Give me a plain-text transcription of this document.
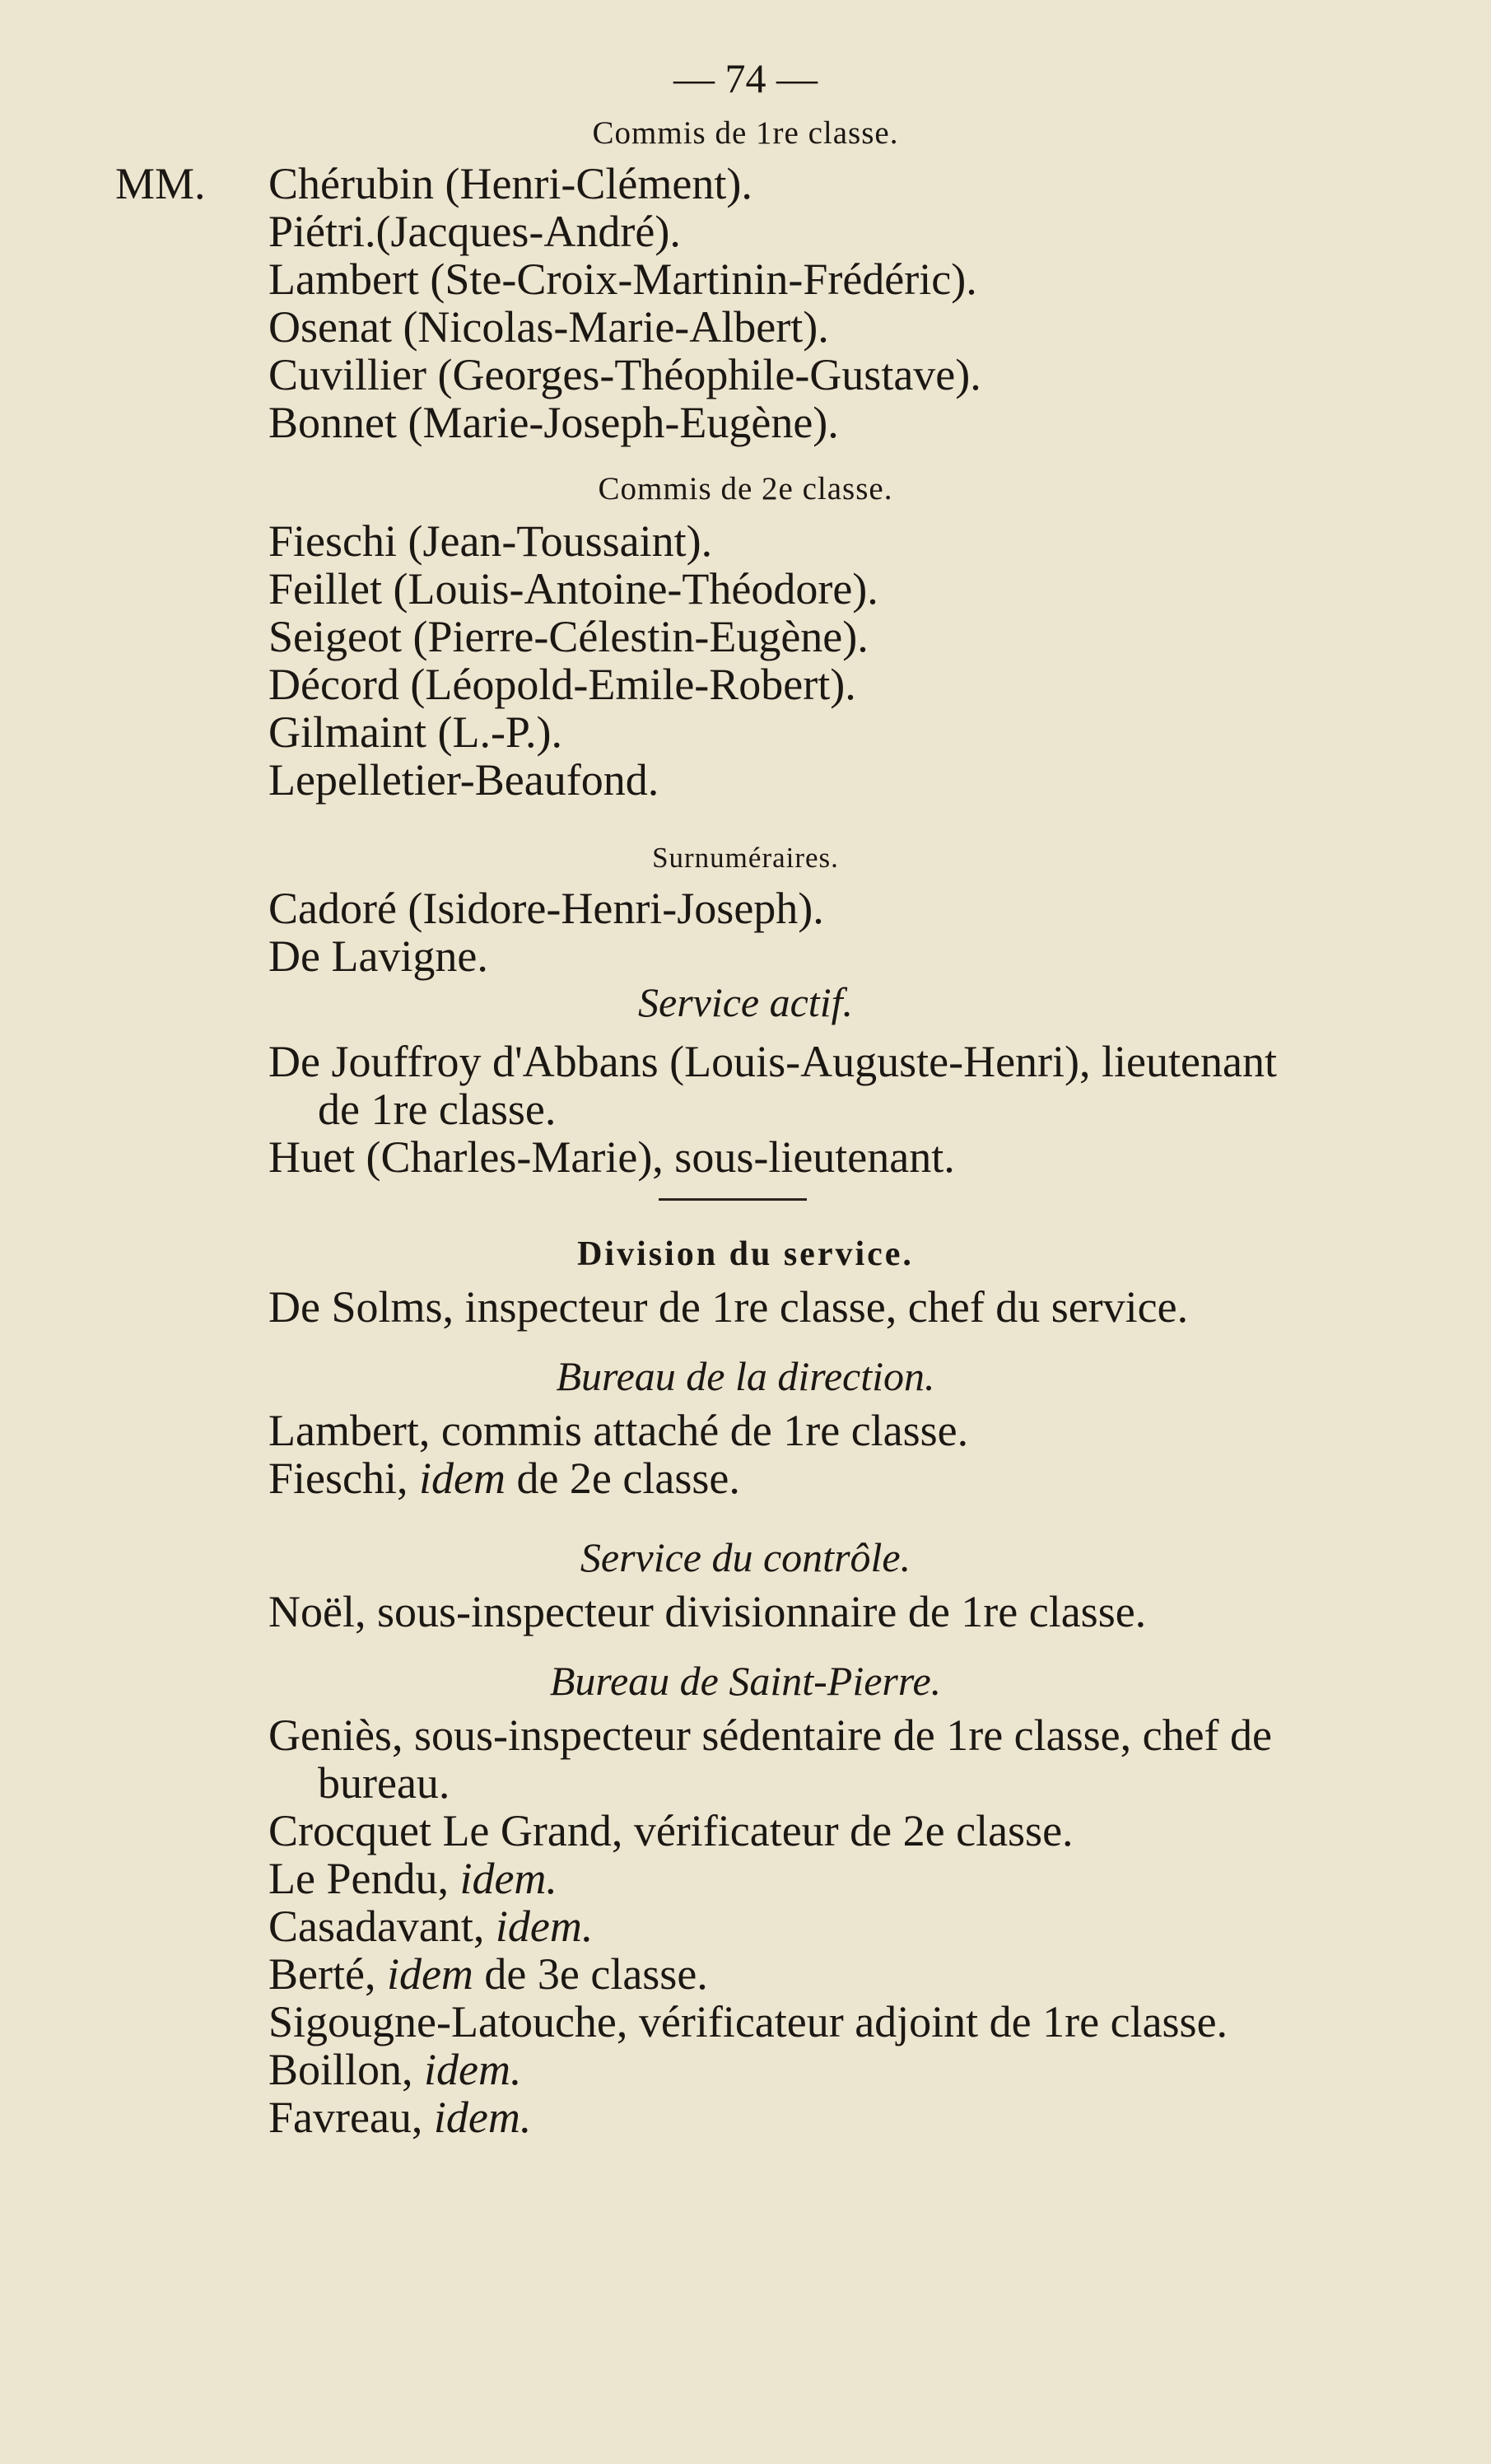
— 74 —
Commis de 1re classe.
MM. Chérubin (Henri-Clément).
Piétri.(Jacques-André).
Lambert (Ste-Croix-Martinin-Frédéric).
Osenat (Nicolas-Marie-Albert).
Cuvillier (Georges-Théophile-Gustave).
Bonnet (Marie-Joseph-Eugène).
Commis de 2e classe.
Fieschi (Jean-Toussaint).
Feillet (Louis-Antoine-Théodore).
Seigeot (Pierre-Célestin-Eugène).
Décord (Léopold-Emile-Robert).
Gilmaint (L.-P.).
Lepelletier-Beaufond.
Surnuméraires.
Cadoré (Isidore-Henri-Joseph).
De Lavigne.
Service actif.
De Jouffroy d'Abbans (Louis-Auguste-Henri), lieutenant
de 1re classe.
Huet (Charles-Marie), sous-lieutenant.
Division du service.
De Solms, inspecteur de 1re classe, chef du service.
Bureau de la direction.
Lambert, commis attaché de 1re classe.
Fieschi, idem de 2e classe.
Service du contrôle.
Noël, sous-inspecteur divisionnaire de 1re classe.
Bureau de Saint-Pierre.
Geniès, sous-inspecteur sédentaire de 1re classe, chef de
bureau.
Crocquet Le Grand, vérificateur de 2e classe.
Le Pendu, idem.
Casadavant, idem.
Berté, idem de 3e classe.
Sigougne-Latouche, vérificateur adjoint de 1re classe.
Boillon, idem.
Favreau, idem.
